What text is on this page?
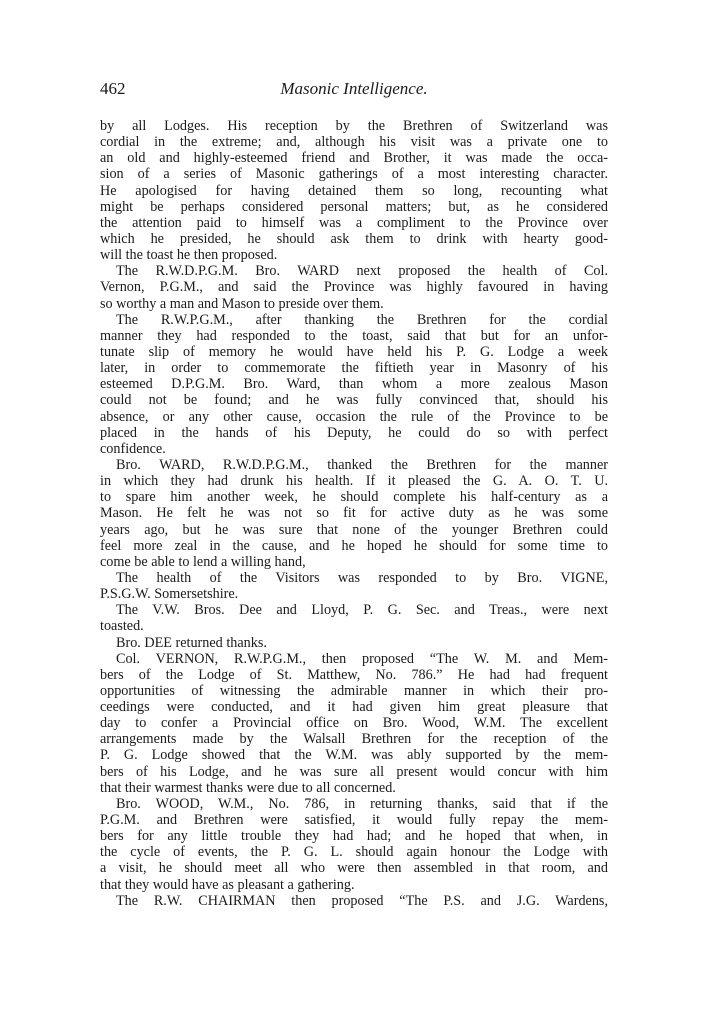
462	Masonic Intelligence.
by all Lodges. His reception by the Brethren of Switzerland was
cordial in the extreme; and, although his visit was a private one to
an old and highly-esteemed friend and Brother, it was made the occa-
sion of a series of Masonic gatherings of a most interesting character.
He apologised for having detained them so long, recounting what
might be perhaps considered personal matters; but, as he considered
the attention paid to himself was a compliment to the Province over
which he presided, he should ask them to drink with hearty good-
will the toast he then proposed.
The R.W.D.P.G.M. Bro. WARD next proposed the health of Col.
Vernon, P.G.M., and said the Province was highly favoured in having
so worthy a man and Mason to preside over them.
The R.W.P.G.M., after thanking the Brethren for the cordial
manner they had responded to the toast, said that but for an unfor-
tunate slip of memory he would have held his P. G. Lodge a week
later, in order to commemorate the fiftieth year in Masonry of his
esteemed D.P.G.M. Bro. Ward, than whom a more zealous Mason
could not be found; and he was fully convinced that, should his
absence, or any other cause, occasion the rule of the Province to be
placed in the hands of his Deputy, he could do so with perfect
confidence.
Bro. WARD, R.W.D.P.G.M., thanked the Brethren for the manner
in which they had drunk his health. If it pleased the G. A. O. T. U.
to spare him another week, he should complete his half-century as a
Mason. He felt he was not so fit for active duty as he was some
years ago, but he was sure that none of the younger Brethren could
feel more zeal in the cause, and he hoped he should for some time to
come be able to lend a willing hand,
The health of the Visitors was responded to by Bro. VIGNE,
P.S.G.W. Somersetshire.
The V.W. Bros. Dee and Lloyd, P. G. Sec. and Treas., were next
toasted.
Bro. DEE returned thanks.
Col. VERNON, R.W.P.G.M., then proposed “The W. M. and Mem-
bers of the Lodge of St. Matthew, No. 786.” He had had frequent
opportunities of witnessing the admirable manner in which their pro-
ceedings were conducted, and it had given him great pleasure that
day to confer a Provincial office on Bro. Wood, W.M. The excellent
arrangements made by the Walsall Brethren for the reception of the
P. G. Lodge showed that the W.M. was ably supported by the mem-
bers of his Lodge, and he was sure all present would concur with him
that their warmest thanks were due to all concerned.
Bro. WOOD, W.M., No. 786, in returning thanks, said that if the
P.G.M. and Brethren were satisfied, it would fully repay the mem-
bers for any little trouble they had had; and he hoped that when, in
the cycle of events, the P. G. L. should again honour the Lodge with
a visit, he should meet all who were then assembled in that room, and
that they would have as pleasant a gathering.
The R.W. CHAIRMAN then proposed “The P.S. and J.G. Wardens,
